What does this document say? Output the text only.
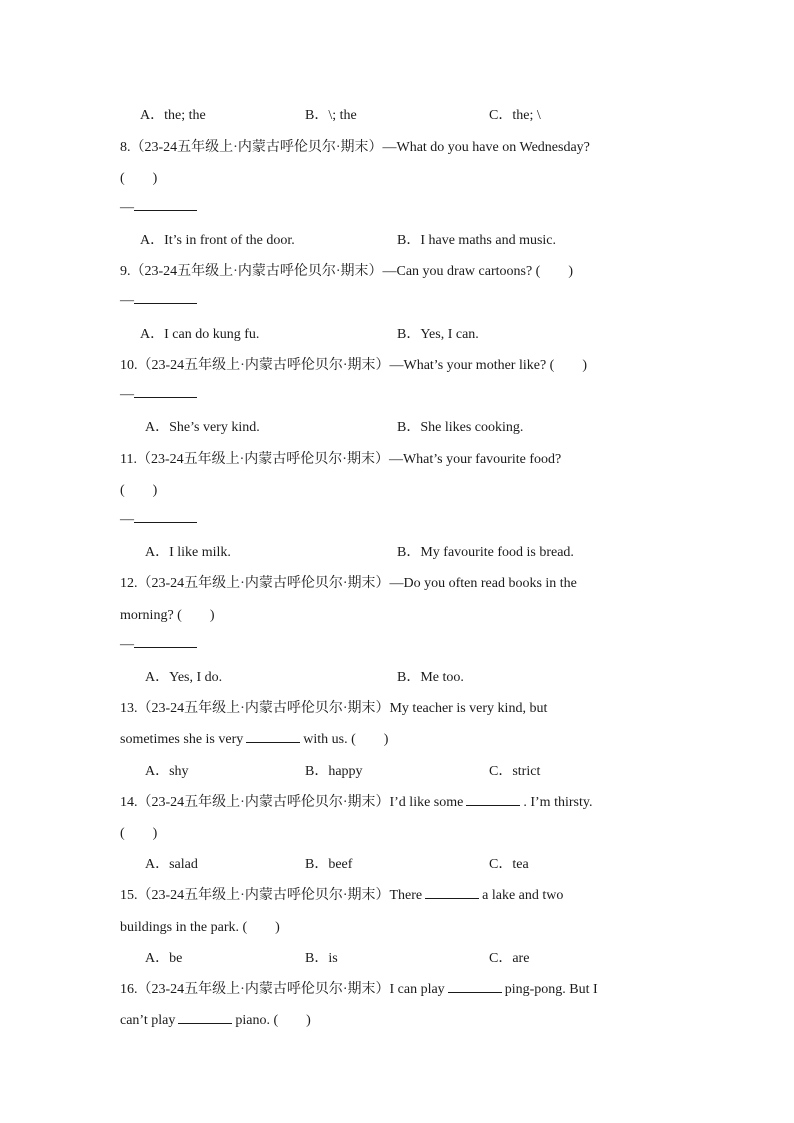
A．the; the	B．\; the	C．the; \
8.（23-24五年级上·内蒙古呼伦贝尔·期末）—What do you have on Wednesday?
(　　)
—
A．It’s in front of the door.	B．I have maths and music.
9.（23-24五年级上·内蒙古呼伦贝尔·期末）—Can you draw cartoons? (　　)
—
A．I can do kung fu.	B．Yes, I can.
10.（23-24五年级上·内蒙古呼伦贝尔·期末）—What’s your mother like? (　　)
—
A．She’s very kind.	B．She likes cooking.
11.（23-24五年级上·内蒙古呼伦贝尔·期末）—What’s your favourite food?
(　　)
—
A．I like milk.	B．My favourite food is bread.
12.（23-24五年级上·内蒙古呼伦贝尔·期末）—Do you often read books in the
morning? (　　)
—
A．Yes, I do.	B．Me too.
13.（23-24五年级上·内蒙古呼伦贝尔·期末）My teacher is very kind, but
sometimes she is very	with us. (　　)
A．shy	B．happy	C．strict
14.（23-24五年级上·内蒙古呼伦贝尔·期末）I’d like some	. I’m thirsty.
(　　)
A．salad	B．beef	C．tea
15.（23-24五年级上·内蒙古呼伦贝尔·期末）There	a lake and two
buildings in the park. (　　)
A．be	B．is	C．are
16.（23-24五年级上·内蒙古呼伦贝尔·期末）I can play	ping-pong. But I
can’t play	piano. (　　)
